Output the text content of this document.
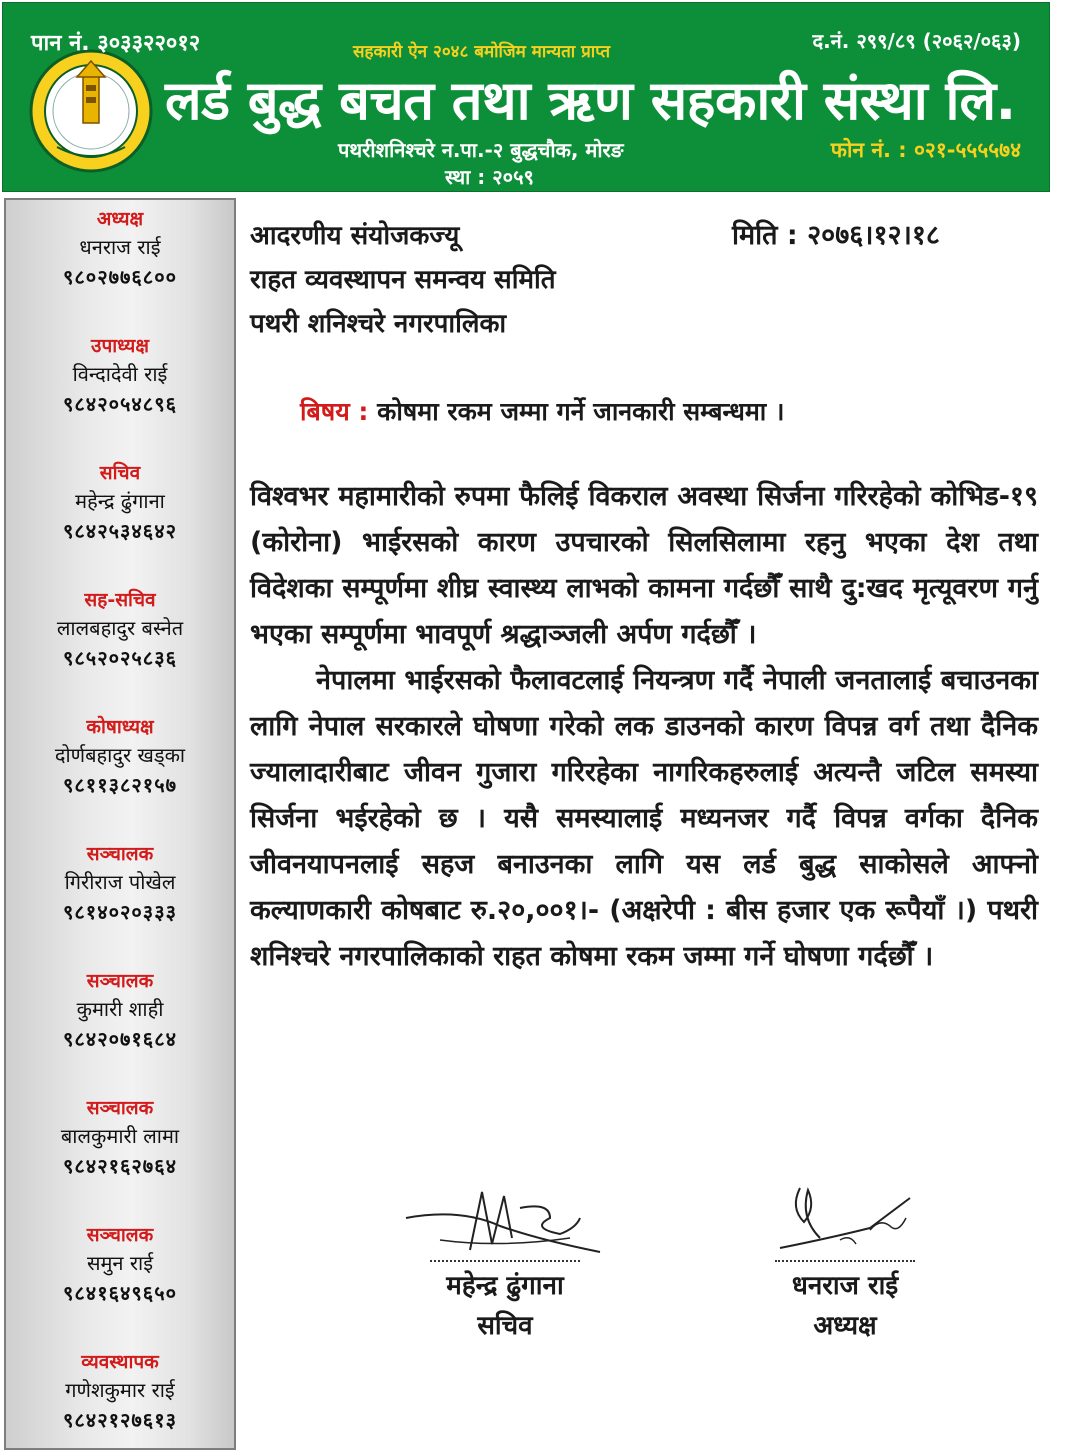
पान नं. ३०३३२२०१२	सहकारी ऐन २०४८ बमोजिम मान्यता प्राप्त	द.नं. २९९/८९ (२०६२/०६३)
लर्ड बुद्ध बचत तथा ऋण सहकारी संस्था लि.
पथरीशनिश्चरे न.पा.-२ बुद्धचौक, मोरङ	फोन नं. : ०२१-५५५५७४
स्था : २०५९
अध्यक्ष
धनराज राई
९८०२७७६८००
उपाध्यक्ष
विन्दादेवी राई
९८४२०५४८९६
सचिव
महेन्द्र ढुंगाना
९८४२५३४६४२
सह-सचिव
लालबहादुर बस्नेत
९८५२०२५८३६
कोषाध्यक्ष
दोर्णबहादुर खड्का
९८११३८२१५७
सञ्चालक
गिरीराज पोखेल
९८१४०२०३३३
सञ्चालक
कुमारी शाही
९८४२०७१६८४
सञ्चालक
बालकुमारी लामा
९८४२१६२७६४
सञ्चालक
समुन राई
९८४१६४९६५०
व्यवस्थापक
गणेशकुमार राई
९८४२१२७६१३
आदरणीय संयोजकज्यू
राहत व्यवस्थापन समन्वय समिति
पथरी शनिश्चरे नगरपालिका
मिति : २०७६।१२।१८
बिषय : कोषमा रकम जम्मा गर्ने जानकारी सम्बन्धमा ।

विश्वभर महामारीको रुपमा फैलिई विकराल अवस्था सिर्जना गरिरहेको कोभिड-१९ (कोरोना) भाईरसको कारण उपचारको सिलसिलामा रहनु भएका देश तथा विदेशका सम्पूर्णमा शीघ्र स्वास्थ्य लाभको कामना गर्दछौँ साथै दु:खद मृत्यूवरण गर्नु भएका सम्पूर्णमा भावपूर्ण श्रद्धाञ्जली अर्पण गर्दछौँ ।

नेपालमा भाईरसको फैलावटलाई नियन्त्रण गर्दै नेपाली जनतालाई बचाउनका लागि नेपाल सरकारले घोषणा गरेको लक डाउनको कारण विपन्न वर्ग तथा दैनिक ज्यालादारीबाट जीवन गुजारा गरिरहेका नागरिकहरुलाई अत्यन्तै जटिल समस्या सिर्जना भईरहेको छ । यसै समस्यालाई मध्यनजर गर्दै विपन्न वर्गका दैनिक जीवनयापनलाई सहज बनाउनका लागि यस लर्ड बुद्ध साकोसले आफ्नो कल्याणकारी कोषबाट रु.२०,००१।- (अक्षरेपी : बीस हजार एक रूपैयाँ ।) पथरी शनिश्चरे नगरपालिकाको राहत कोषमा रकम जम्मा गर्ने घोषणा गर्दछौँ ।

महेन्द्र ढुंगाना
सचिव
धनराज राई
अध्यक्ष
